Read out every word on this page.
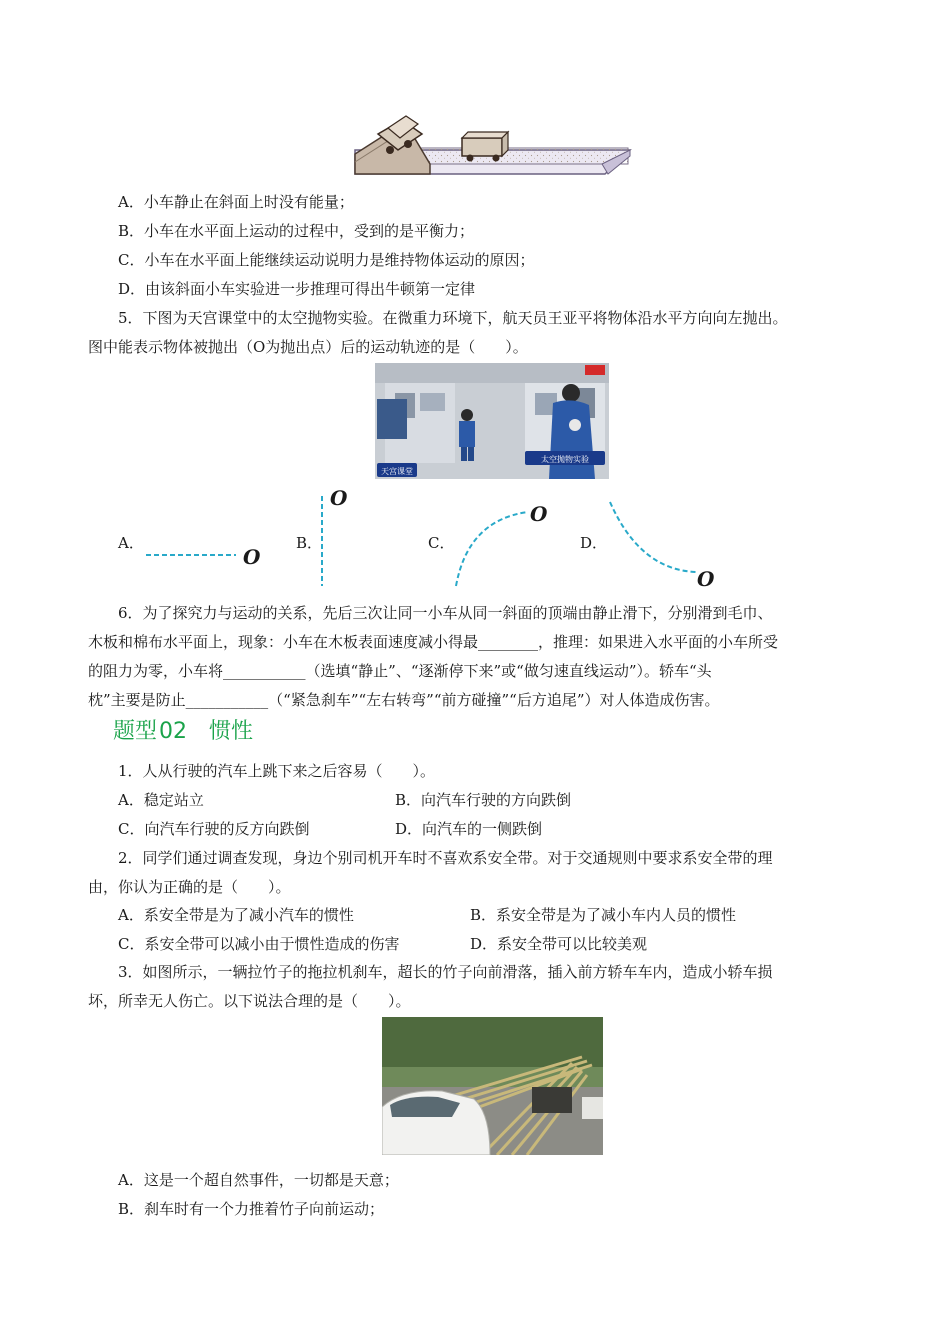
A．小车静止在斜面上时没有能量；
B．小车在水平面上运动的过程中，受到的是平衡力；
C．小车在水平面上能继续运动说明力是维持物体运动的原因；
D．由该斜面小车实验进一步推理可得出牛顿第一定律
5．下图为天宫课堂中的太空抛物实验。在微重力环境下，航天员王亚平将物体沿水平方向向左抛出。
图中能表示物体被抛出（O为抛出点）后的运动轨迹的是（　　）。
天宫课堂
太空抛物实验
A．	B．	C．	D．
O
O
O
O
6．为了探究力与运动的关系，先后三次让同一小车从同一斜面的顶端由静止滑下，分别滑到毛巾、
木板和棉布水平面上，现象：小车在木板表面速度减小得最________，推理：如果进入水平面的小车所受
的阻力为零，小车将___________（选填“静止”、“逐渐停下来”或“做匀速直线运动”）。轿车“头
枕”主要是防止___________（“紧急刹车”“左右转弯”“前方碰撞”“后方追尾”）对人体造成伤害。
题型02 惯性
1．人从行驶的汽车上跳下来之后容易（　　）。
A．稳定站立	B．向汽车行驶的方向跌倒
C．向汽车行驶的反方向跌倒	D．向汽车的一侧跌倒
2．同学们通过调查发现，身边个别司机开车时不喜欢系安全带。对于交通规则中要求系安全带的理
由，你认为正确的是（　　）。
A．系安全带是为了减小汽车的惯性	B．系安全带是为了减小车内人员的惯性
C．系安全带可以减小由于惯性造成的伤害	D．系安全带可以比较美观
3．如图所示，一辆拉竹子的拖拉机刹车，超长的竹子向前滑落，插入前方轿车车内，造成小轿车损
坏，所幸无人伤亡。以下说法合理的是（　　）。
A．这是一个超自然事件，一切都是天意；
B．刹车时有一个力推着竹子向前运动；
